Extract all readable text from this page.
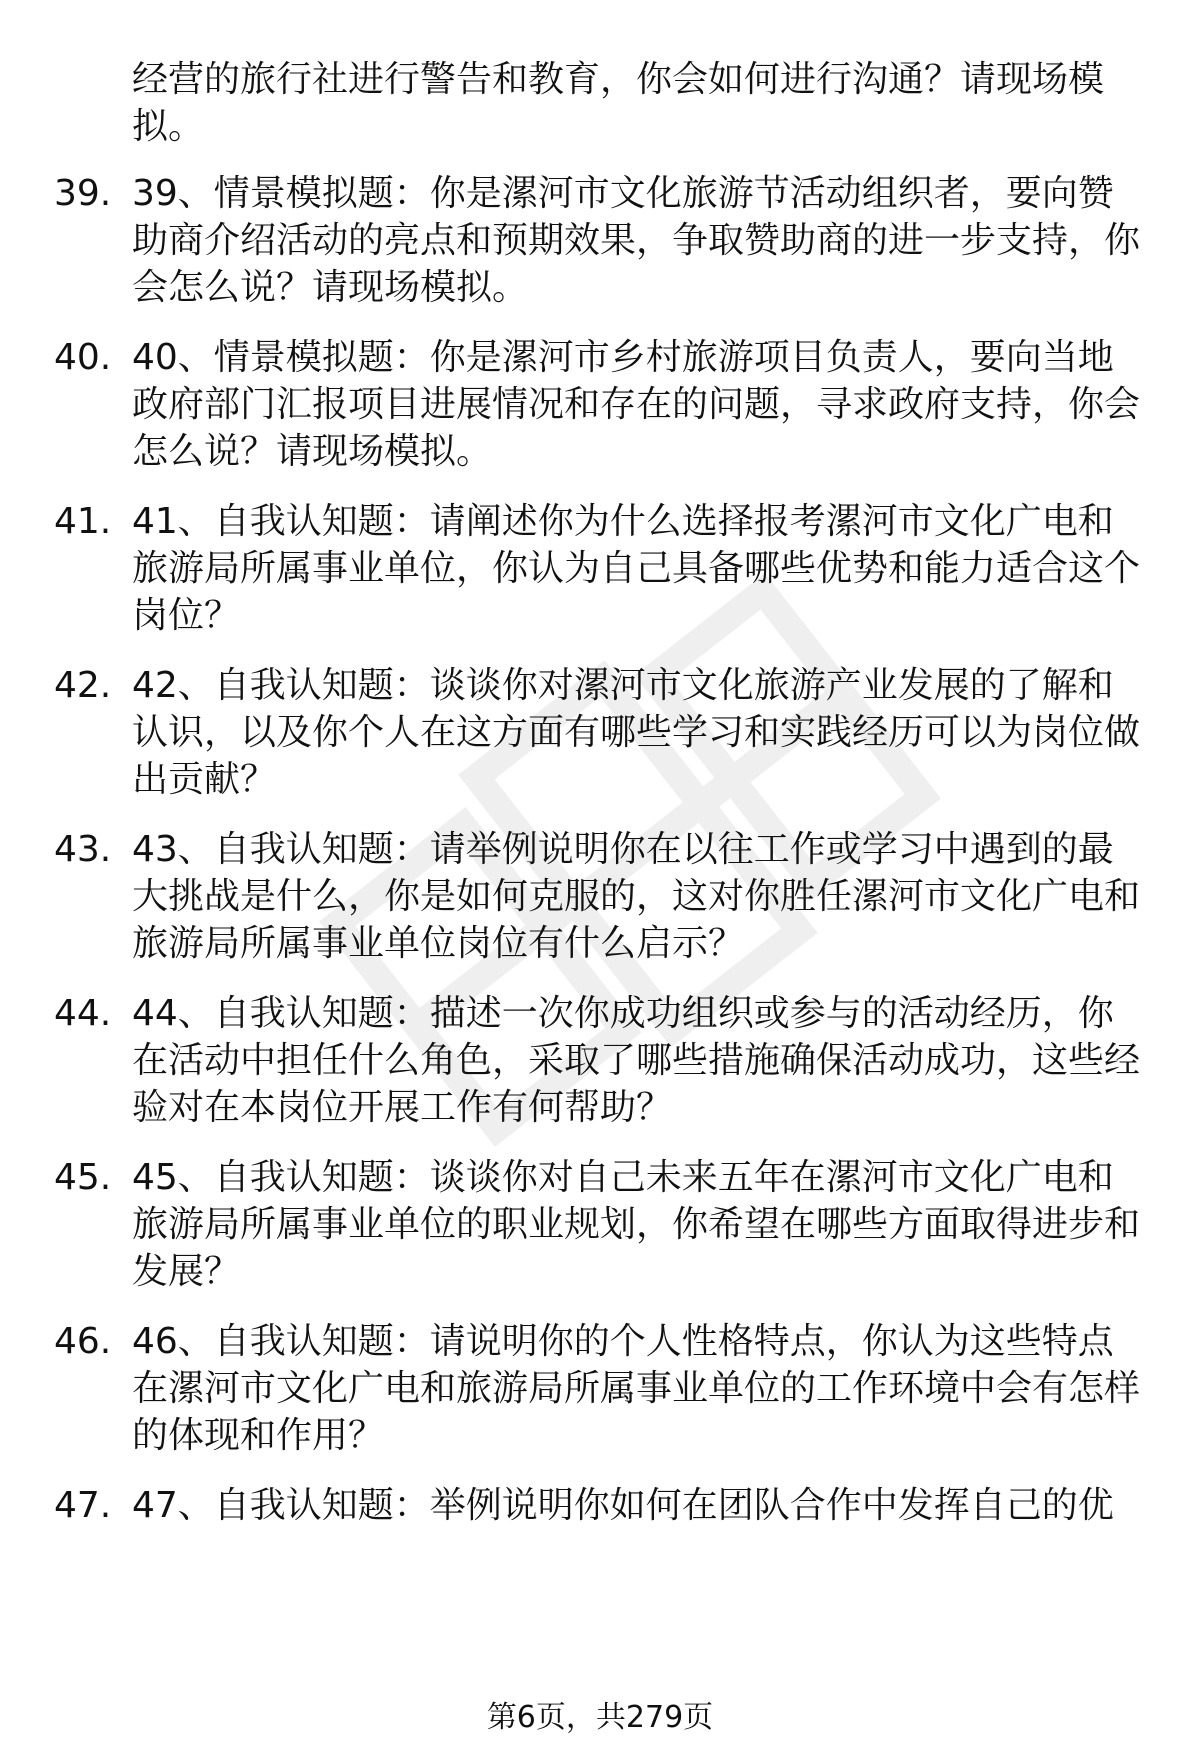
经营的旅行社进行警告和教育，你会如何进行沟通？请现场模拟。
39. 39、情景模拟题：你是漯河市文化旅游节活动组织者，要向赞助商介绍活动的亮点和预期效果，争取赞助商的进一步支持，你会怎么说？请现场模拟。
40. 40、情景模拟题：你是漯河市乡村旅游项目负责人，要向当地政府部门汇报项目进展情况和存在的问题，寻求政府支持，你会怎么说？请现场模拟。
41. 41、自我认知题：请阐述你为什么选择报考漯河市文化广电和旅游局所属事业单位，你认为自己具备哪些优势和能力适合这个岗位？
42. 42、自我认知题：谈谈你对漯河市文化旅游产业发展的了解和认识，以及你个人在这方面有哪些学习和实践经历可以为岗位做出贡献？
43. 43、自我认知题：请举例说明你在以往工作或学习中遇到的最大挑战是什么，你是如何克服的，这对你胜任漯河市文化广电和旅游局所属事业单位岗位有什么启示？
44. 44、自我认知题：描述一次你成功组织或参与的活动经历，你在活动中担任什么角色，采取了哪些措施确保活动成功，这些经验对在本岗位开展工作有何帮助？
45. 45、自我认知题：谈谈你对自己未来五年在漯河市文化广电和旅游局所属事业单位的职业规划，你希望在哪些方面取得进步和发展？
46. 46、自我认知题：请说明你的个人性格特点，你认为这些特点在漯河市文化广电和旅游局所属事业单位的工作环境中会有怎样的体现和作用？
47. 47、自我认知题：举例说明你如何在团队合作中发挥自己的优
第6页，共279页
